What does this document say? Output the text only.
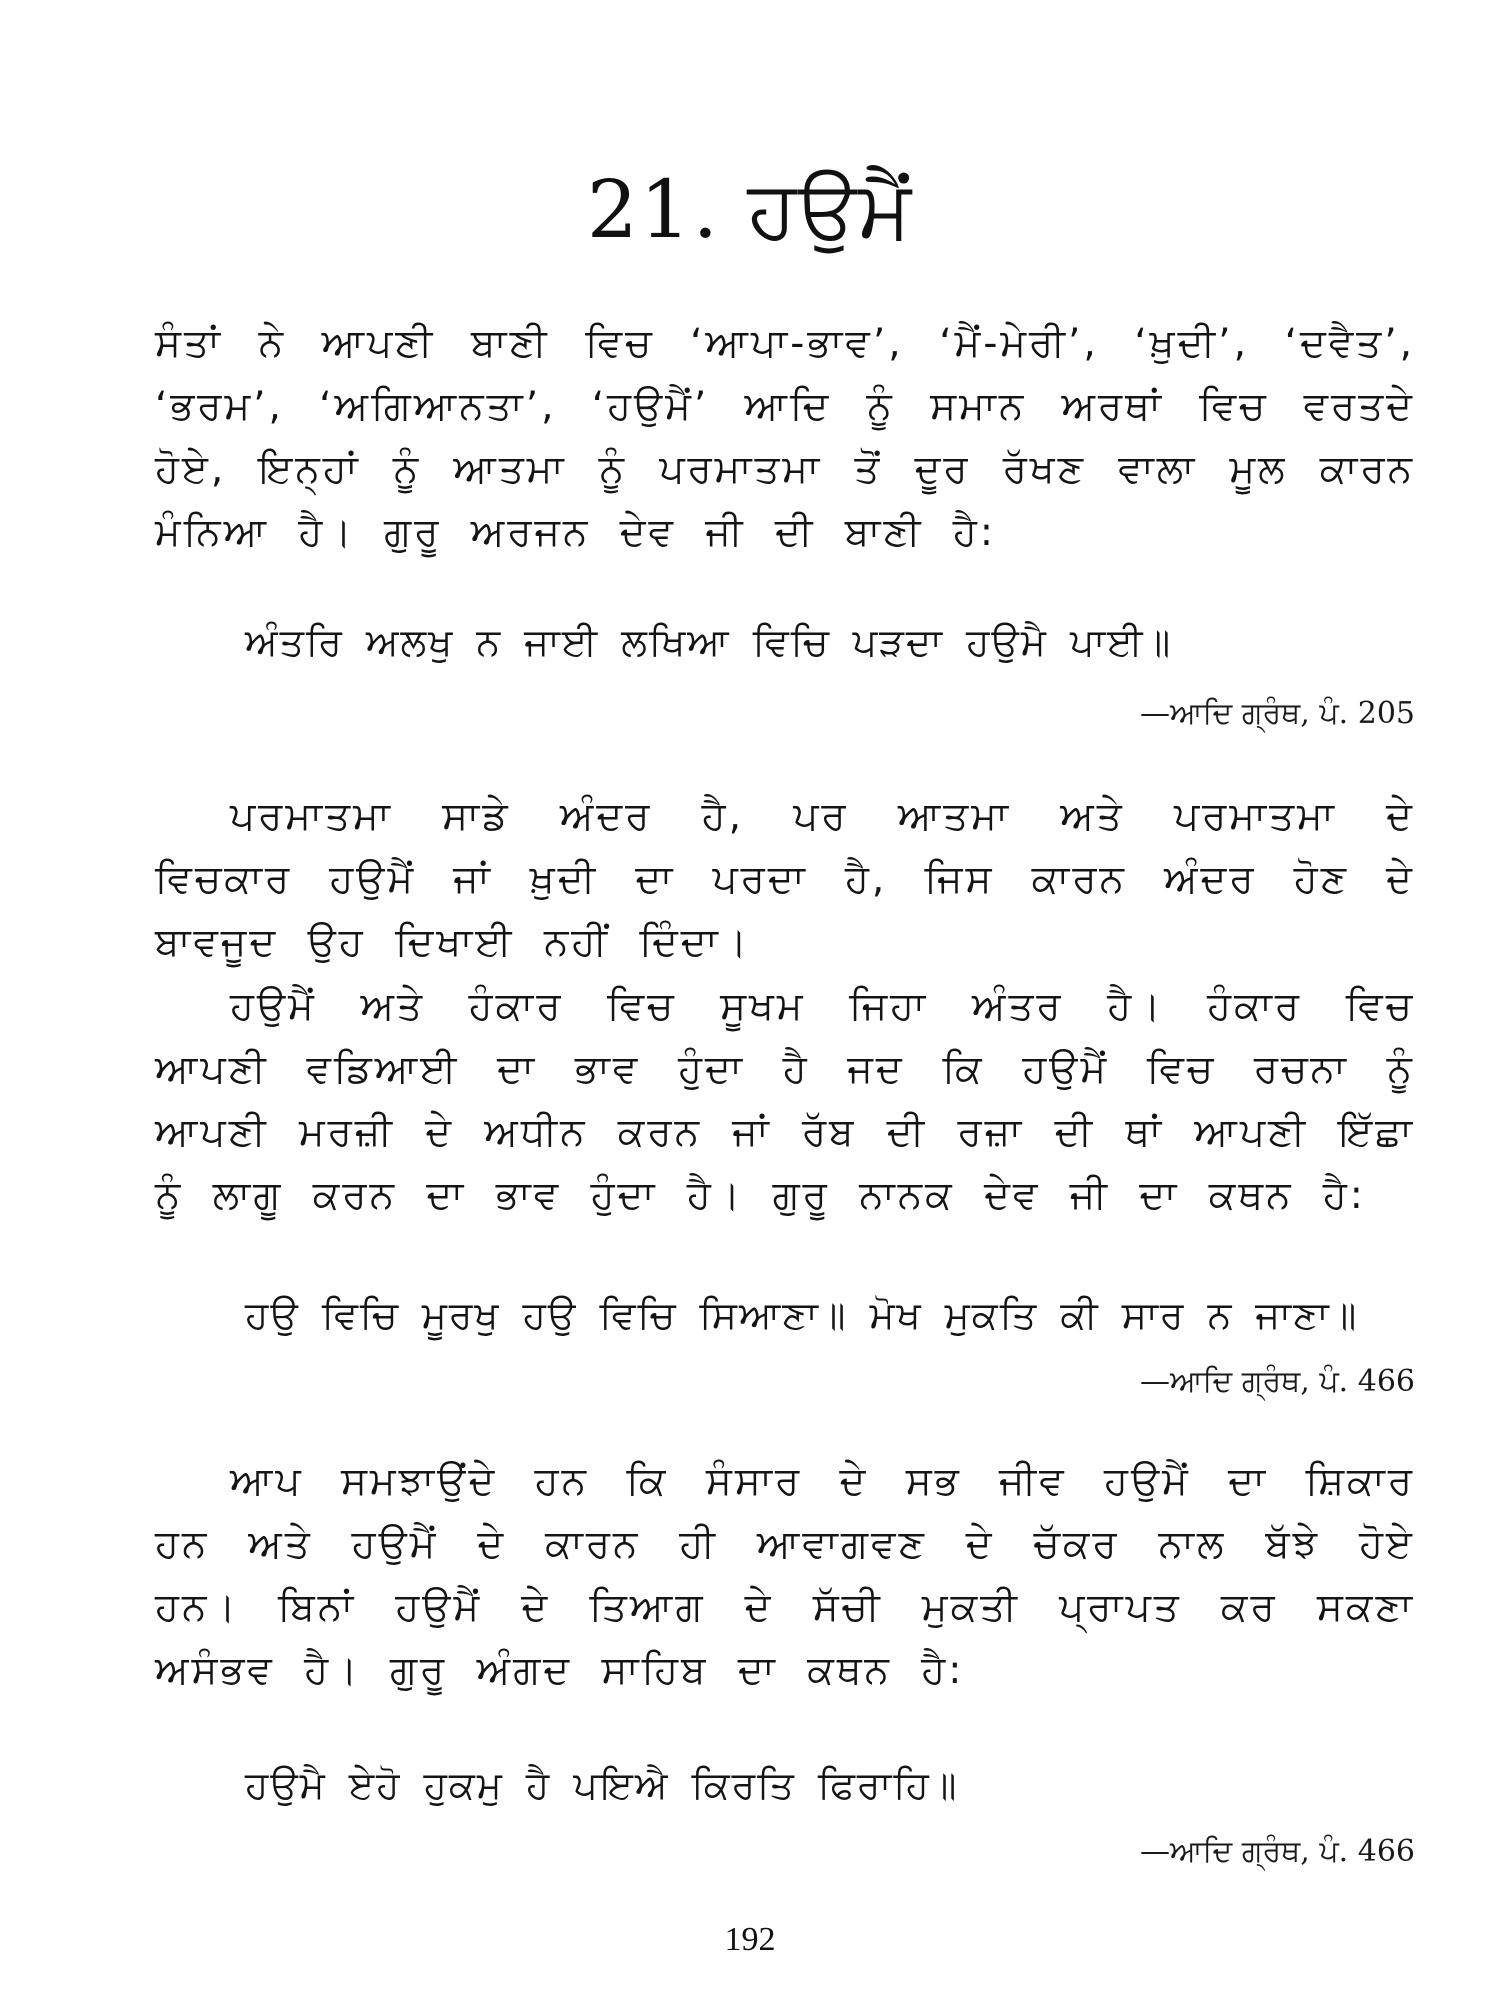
21. ਹਉਮੈਂ
ਸੰਤਾਂ ਨੇ ਆਪਣੀ ਬਾਣੀ ਵਿਚ ‘ਆਪਾ-ਭਾਵ’, ‘ਮੈਂ-ਮੇਰੀ’, ‘ਖ਼ੁਦੀ’, ‘ਦਵੈਤ’, ‘ਭਰਮ’, ‘ਅਗਿਆਨਤਾ’, ‘ਹਉਮੈਂ’ ਆਦਿ ਨੂੰ ਸਮਾਨ ਅਰਥਾਂ ਵਿਚ ਵਰਤਦੇ ਹੋਏ, ਇਨ੍ਹਾਂ ਨੂੰ ਆਤਮਾ ਨੂੰ ਪਰਮਾਤਮਾ ਤੋਂ ਦੂਰ ਰੱਖਣ ਵਾਲਾ ਮੂਲ ਕਾਰਨ ਮੰਨਿਆ ਹੈ। ਗੁਰੂ ਅਰਜਨ ਦੇਵ ਜੀ ਦੀ ਬਾਣੀ ਹੈ:
ਅੰਤਰਿ ਅਲਖੁ ਨ ਜਾਈ ਲਖਿਆ ਵਿਚਿ ਪੜਦਾ ਹਉਮੈ ਪਾਈ॥
—ਆਦਿ ਗ੍ਰੰਥ, ਪੰ. 205
ਪਰਮਾਤਮਾ ਸਾਡੇ ਅੰਦਰ ਹੈ, ਪਰ ਆਤਮਾ ਅਤੇ ਪਰਮਾਤਮਾ ਦੇ ਵਿਚਕਾਰ ਹਉਮੈਂ ਜਾਂ ਖ਼ੁਦੀ ਦਾ ਪਰਦਾ ਹੈ, ਜਿਸ ਕਾਰਨ ਅੰਦਰ ਹੋਣ ਦੇ ਬਾਵਜੂਦ ਉਹ ਦਿਖਾਈ ਨਹੀਂ ਦਿੰਦਾ।
ਹਉਮੈਂ ਅਤੇ ਹੰਕਾਰ ਵਿਚ ਸੂਖਮ ਜਿਹਾ ਅੰਤਰ ਹੈ। ਹੰਕਾਰ ਵਿਚ ਆਪਣੀ ਵਡਿਆਈ ਦਾ ਭਾਵ ਹੁੰਦਾ ਹੈ ਜਦ ਕਿ ਹਉਮੈਂ ਵਿਚ ਰਚਨਾ ਨੂੰ ਆਪਣੀ ਮਰਜ਼ੀ ਦੇ ਅਧੀਨ ਕਰਨ ਜਾਂ ਰੱਬ ਦੀ ਰਜ਼ਾ ਦੀ ਥਾਂ ਆਪਣੀ ਇੱਛਾ ਨੂੰ ਲਾਗੂ ਕਰਨ ਦਾ ਭਾਵ ਹੁੰਦਾ ਹੈ। ਗੁਰੂ ਨਾਨਕ ਦੇਵ ਜੀ ਦਾ ਕਥਨ ਹੈ:
ਹਉ ਵਿਚਿ ਮੂਰਖੁ ਹਉ ਵਿਚਿ ਸਿਆਣਾ॥ ਮੋਖ ਮੁਕਤਿ ਕੀ ਸਾਰ ਨ ਜਾਣਾ॥
—ਆਦਿ ਗ੍ਰੰਥ, ਪੰ. 466
ਆਪ ਸਮਝਾਉਂਦੇ ਹਨ ਕਿ ਸੰਸਾਰ ਦੇ ਸਭ ਜੀਵ ਹਉਮੈਂ ਦਾ ਸ਼ਿਕਾਰ ਹਨ ਅਤੇ ਹਉਮੈਂ ਦੇ ਕਾਰਨ ਹੀ ਆਵਾਗਵਣ ਦੇ ਚੱਕਰ ਨਾਲ ਬੱਝੇ ਹੋਏ ਹਨ। ਬਿਨਾਂ ਹਉਮੈਂ ਦੇ ਤਿਆਗ ਦੇ ਸੱਚੀ ਮੁਕਤੀ ਪ੍ਰਾਪਤ ਕਰ ਸਕਣਾ ਅਸੰਭਵ ਹੈ। ਗੁਰੂ ਅੰਗਦ ਸਾਹਿਬ ਦਾ ਕਥਨ ਹੈ:
ਹਉਮੈ ਏਹੋ ਹੁਕਮੁ ਹੈ ਪਇਐ ਕਿਰਤਿ ਫਿਰਾਹਿ॥
—ਆਦਿ ਗ੍ਰੰਥ, ਪੰ. 466
192
